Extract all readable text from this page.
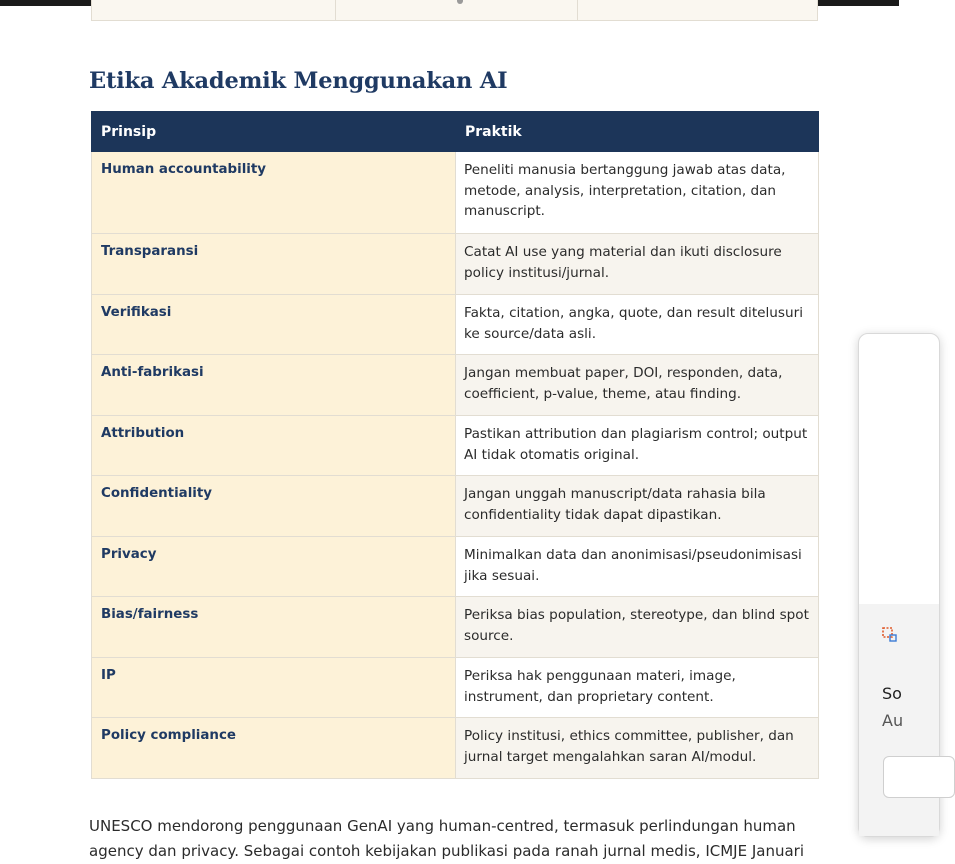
Etika Akademik Menggunakan AI
Prinsip	Praktik
Human accountability	Peneliti manusia bertanggung jawab atas data, metode, analysis, interpretation, citation, dan manuscript.
Transparansi	Catat AI use yang material dan ikuti disclosure policy institusi/jurnal.
Verifikasi	Fakta, citation, angka, quote, dan result ditelusuri ke source/data asli.
Anti-fabrikasi	Jangan membuat paper, DOI, responden, data, coefficient, p-value, theme, atau finding.
Attribution	Pastikan attribution dan plagiarism control; output AI tidak otomatis original.
Confidentiality	Jangan unggah manuscript/data rahasia bila confidentiality tidak dapat dipastikan.
Privacy	Minimalkan data dan anonimisasi/pseudonimisasi jika sesuai.
Bias/fairness	Periksa bias population, stereotype, dan blind spot source.
IP	Periksa hak penggunaan materi, image, instrument, dan proprietary content.
Policy compliance	Policy institusi, ethics committee, publisher, dan jurnal target mengalahkan saran AI/modul.

UNESCO mendorong penggunaan GenAI yang human-centred, termasuk perlindungan human agency dan privacy. Sebagai contoh kebijakan publikasi pada ranah jurnal medis, ICMJE Januari

So
Au
